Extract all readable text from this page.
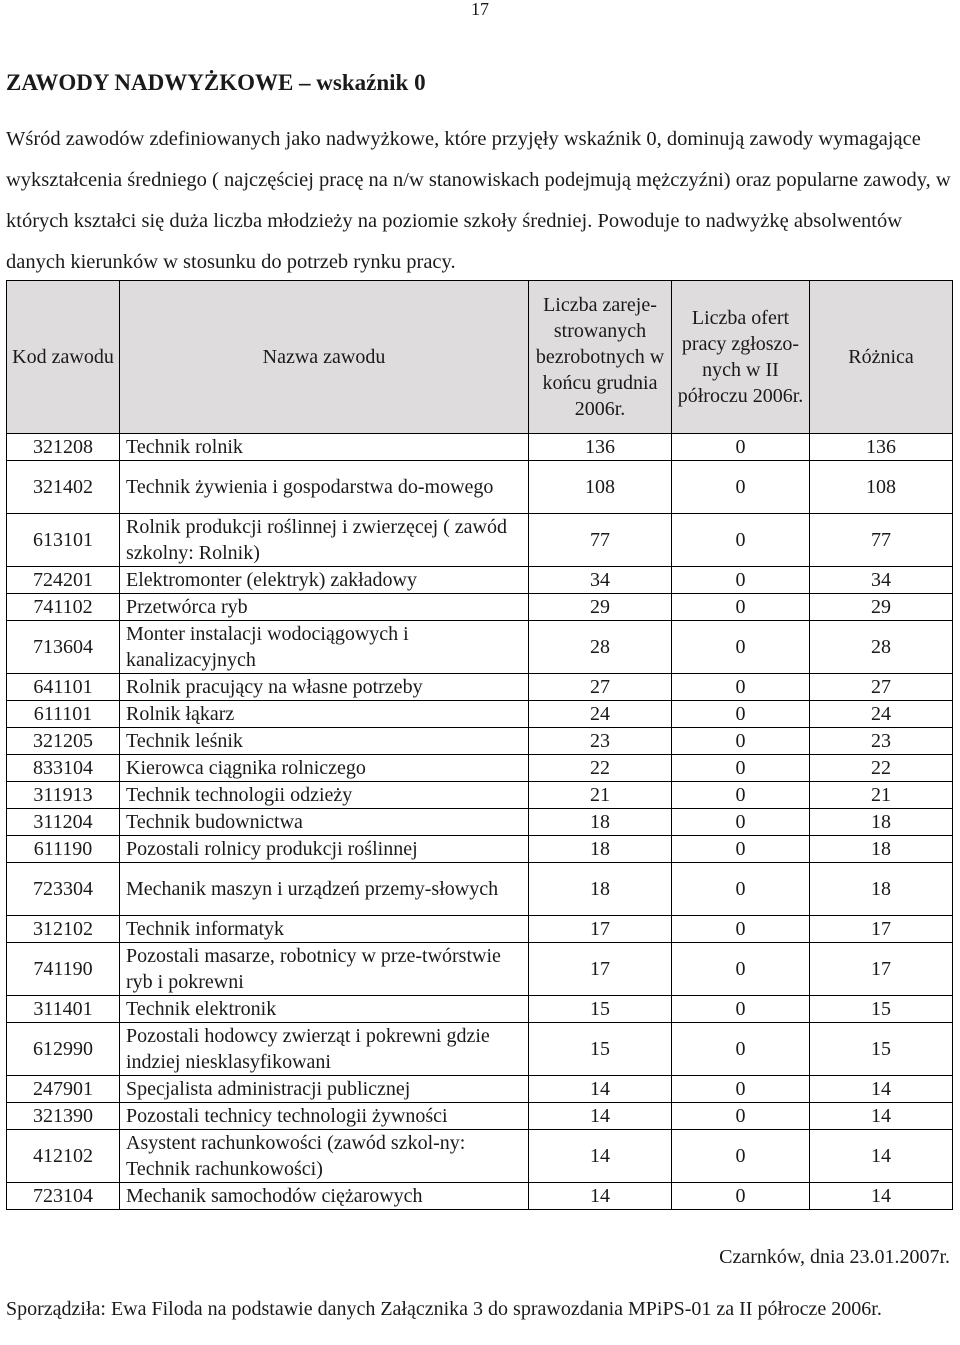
17
ZAWODY NADWYŻKOWE – wskaźnik 0

Wśród zawodów zdefiniowanych jako nadwyżkowe, które przyjęły wskaźnik 0, dominują zawody wymagające wykształcenia średniego ( najczęściej pracę na n/w stanowiskach podejmują mężczyźni) oraz popularne zawody, w których kształci się duża liczba młodzieży na poziomie szkoły średniej. Powoduje to nadwyżkę absolwentów danych kierunków w stosunku do potrzeb rynku pracy.

Kod zawodu	Nazwa zawodu	Liczba zareje-strowanych bezrobotnych w końcu grudnia 2006r.	Liczba ofert pracy zgłoszo-nych w II półroczu 2006r.	Różnica
321208	Technik rolnik	136	0	136
321402	Technik żywienia i gospodarstwa do-mowego	108	0	108
613101	Rolnik produkcji roślinnej i zwierzęcej ( zawód szkolny: Rolnik)	77	0	77
724201	Elektromonter (elektryk) zakładowy	34	0	34
741102	Przetwórca ryb	29	0	29
713604	Monter instalacji wodociągowych i kanalizacyjnych	28	0	28
641101	Rolnik pracujący na własne potrzeby	27	0	27
611101	Rolnik łąkarz	24	0	24
321205	Technik leśnik	23	0	23
833104	Kierowca ciągnika rolniczego	22	0	22
311913	Technik technologii odzieży	21	0	21
311204	Technik budownictwa	18	0	18
611190	Pozostali rolnicy produkcji roślinnej	18	0	18
723304	Mechanik maszyn i urządzeń przemy-słowych	18	0	18
312102	Technik informatyk	17	0	17
741190	Pozostali masarze, robotnicy w prze-twórstwie ryb i pokrewni	17	0	17
311401	Technik elektronik	15	0	15
612990	Pozostali hodowcy zwierząt i pokrewni gdzie indziej niesklasyfikowani	15	0	15
247901	Specjalista administracji publicznej	14	0	14
321390	Pozostali technicy technologii żywności	14	0	14
412102	Asystent rachunkowości (zawód szkol-ny: Technik rachunkowości)	14	0	14
723104	Mechanik samochodów ciężarowych	14	0	14
Czarnków, dnia 23.01.2007r.

Sporządziła: Ewa Filoda na podstawie danych Załącznika 3 do sprawozdania MPiPS-01 za II półrocze 2006r.
